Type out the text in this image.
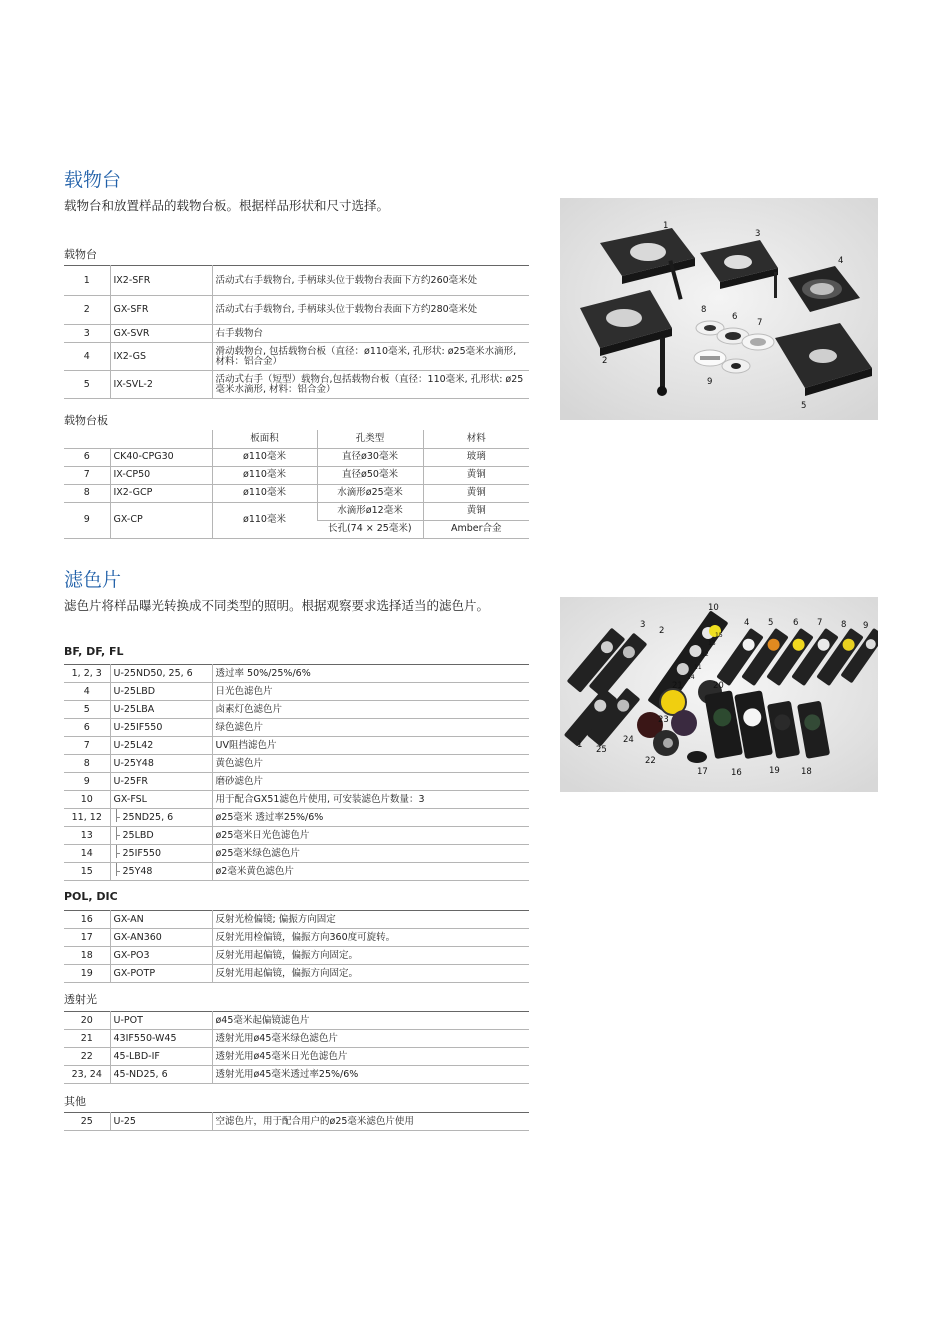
载物台
载物台和放置样品的载物台板。根据样品形状和尺寸选择。
载物台
1	IX2-SFR	活动式右手载物台, 手柄球头位于载物台表面下方约260毫米处
2	GX-SFR	活动式右手载物台, 手柄球头位于载物台表面下方约280毫米处
3	GX-SVR	右手载物台
4	IX2-GS	滑动载物台, 包括载物台板（直径：ø110毫米, 孔形状: ø25毫米水滴形, 材料：铝合金）
5	IX-SVL-2	活动式右手（短型）载物台,包括载物台板（直径：110毫米, 孔形状: ø25毫米水滴形, 材料：铝合金）
载物台板
		板面积	孔类型	材料
6	CK40-CPG30	ø110毫米	直径ø30毫米	玻璃
7	IX-CP50	ø110毫米	直径ø50毫米	黄铜
8	IX2-GCP	ø110毫米	水滴形ø25毫米	黄铜
9	GX-CP	ø110毫米	水滴形ø12毫米	黄铜
			长孔(74 × 25毫米)	Amber合金
1
2
3
4
5
6
7
8
9
滤色片
滤色片将样品曝光转换成不同类型的照明。根据观察要求选择适当的滤色片。
BF, DF, FL
1, 2, 3	U-25ND50, 25, 6	透过率 50%/25%/6%
4	U-25LBD	日光色滤色片
5	U-25LBA	卤素灯色滤色片
6	U-25IF550	绿色滤色片
7	U-25L42	UV阻挡滤色片
8	U-25Y48	黄色滤色片
9	U-25FR	磨砂滤色片
10	GX-FSL	用于配合GX51滤色片使用, 可安装滤色片数量：3
11, 12	25ND25, 6	ø25毫米 透过率25%/6%
13	25LBD	ø25毫米日光色滤色片
14	25IF550	ø25毫米绿色滤色片
15	25Y48	ø2毫米黄色滤色片
POL, DIC
16	GX-AN	反射光检偏镜; 偏振方向固定
17	GX-AN360	反射光用检偏镜，偏振方向360度可旋转。
18	GX-PO3	反射光用起偏镜，偏振方向固定。
19	GX-POTP	反射光用起偏镜，偏振方向固定。
透射光
20	U-POT	ø45毫米起偏镜滤色片
21	43IF550-W45	透射光用ø45毫米绿色滤色片
22	45-LBD-IF	透射光用ø45毫米日光色滤色片
23, 24	45-ND25, 6	透射光用ø45毫米透过率25%/6%
其他
25	U-25	空滤色片，用于配合用户的ø25毫米滤色片使用
1
2
3	4 5 6 7 8 9
10
11
12
13
14
15
16
17	18
19
20
21
22
23
24
25
